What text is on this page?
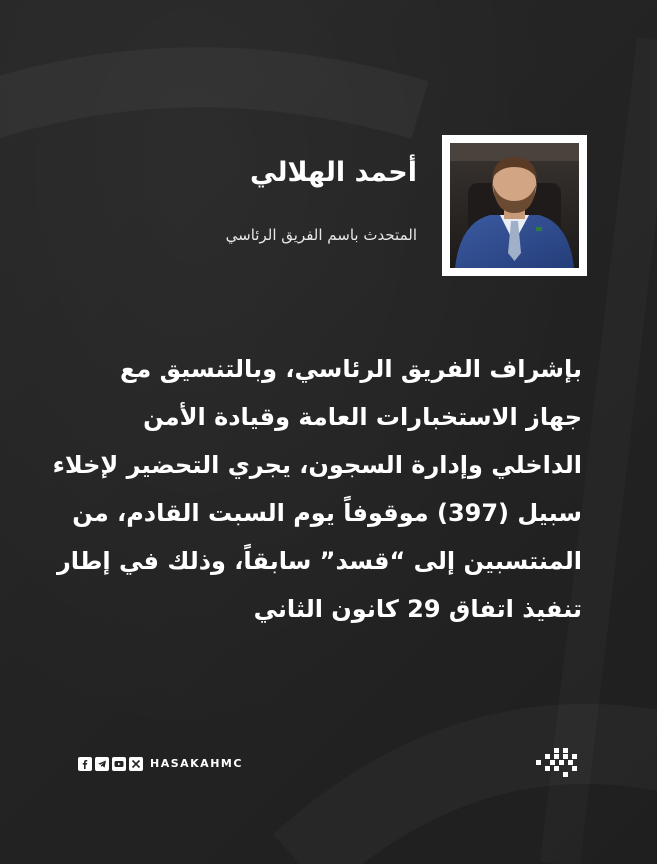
أحمد الهلالي
المتحدث باسم الفريق الرئاسي
بإشراف الفريق الرئاسي، وبالتنسيق مع
جهاز الاستخبارات العامة وقيادة الأمن
الداخلي وإدارة السجون، يجري التحضير لإخلاء
سبيل (397) موقوفاً يوم السبت القادم، من
المنتسبين إلى “قسد” سابقاً، وذلك في إطار
تنفيذ اتفاق 29 كانون الثاني
HASAKAHMC
